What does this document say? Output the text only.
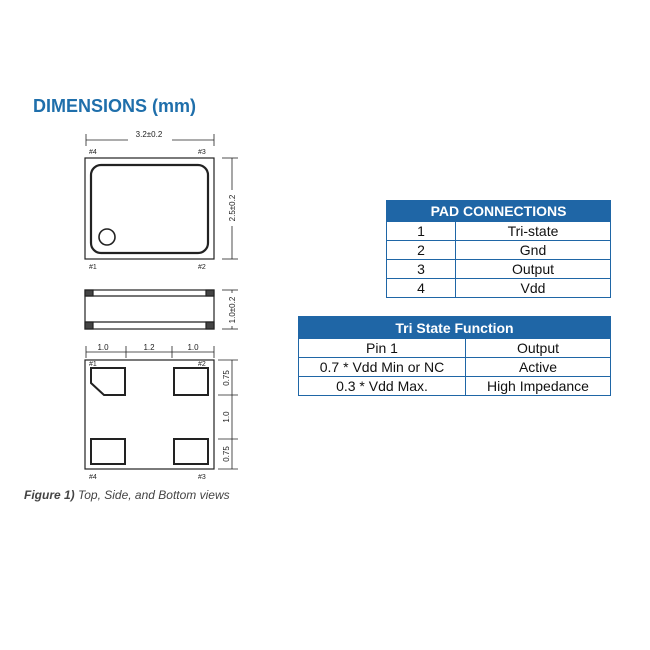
DIMENSIONS (mm)
3.2±0.2
2.5±0.2
#4	#3
#1	#2
1.0±0.2
1.0	1.2	1.0
0.75
1.0
0.75
#1	#2
#4	#3
PAD CONNECTIONS	
1	Tri-state
2	Gnd
3	Output
4	Vdd
Tri State Function	
Pin 1	Output
0.7 * Vdd Min or NC	Active
0.3 * Vdd Max.	High Impedance
Figure 1) Top, Side, and Bottom views
